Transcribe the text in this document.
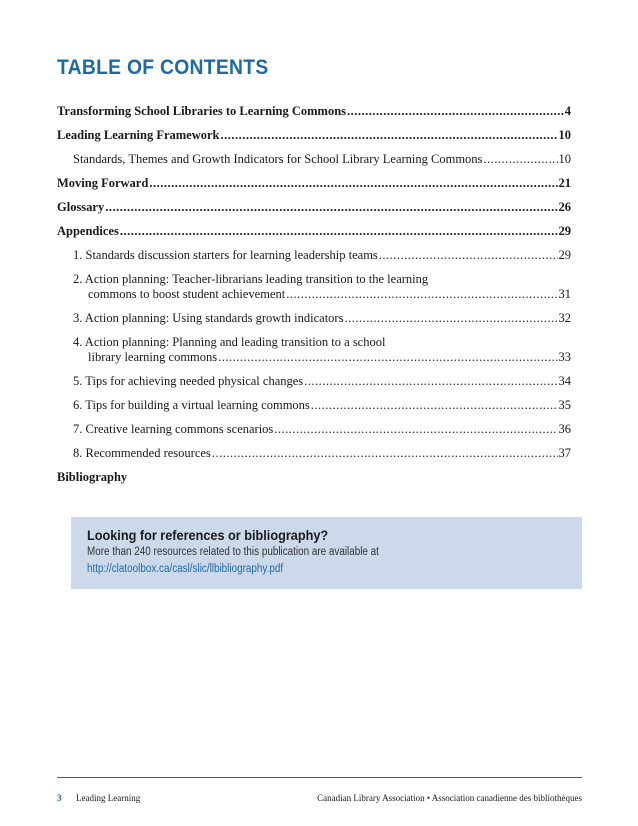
TABLE OF CONTENTS
Transforming School Libraries to Learning Commons .....	4
Leading Learning Framework .....	10
Standards, Themes and Growth Indicators for School Library Learning Commons .....	10
Moving Forward .....	21
Glossary .....	26
Appendices .....	29
1. Standards discussion starters for learning leadership teams .....	29
2. Action planning: Teacher-librarians leading transition to the learning
commons to boost student achievement .....	31
3. Action planning: Using standards growth indicators .....	32
4. Action planning: Planning and leading transition to a school
library learning commons .....	33
5. Tips for achieving needed physical changes .....	34
6. Tips for building a virtual learning commons .....	35
7. Creative learning commons scenarios .....	36
8. Recommended resources .....	37
Bibliography
Looking for references or bibliography?
More than 240 resources related to this publication are available at
http://clatoolbox.ca/casl/slic/llbibliography.pdf
3 Leading Learning	Canadian Library Association • Association canadienne des bibliothèques
